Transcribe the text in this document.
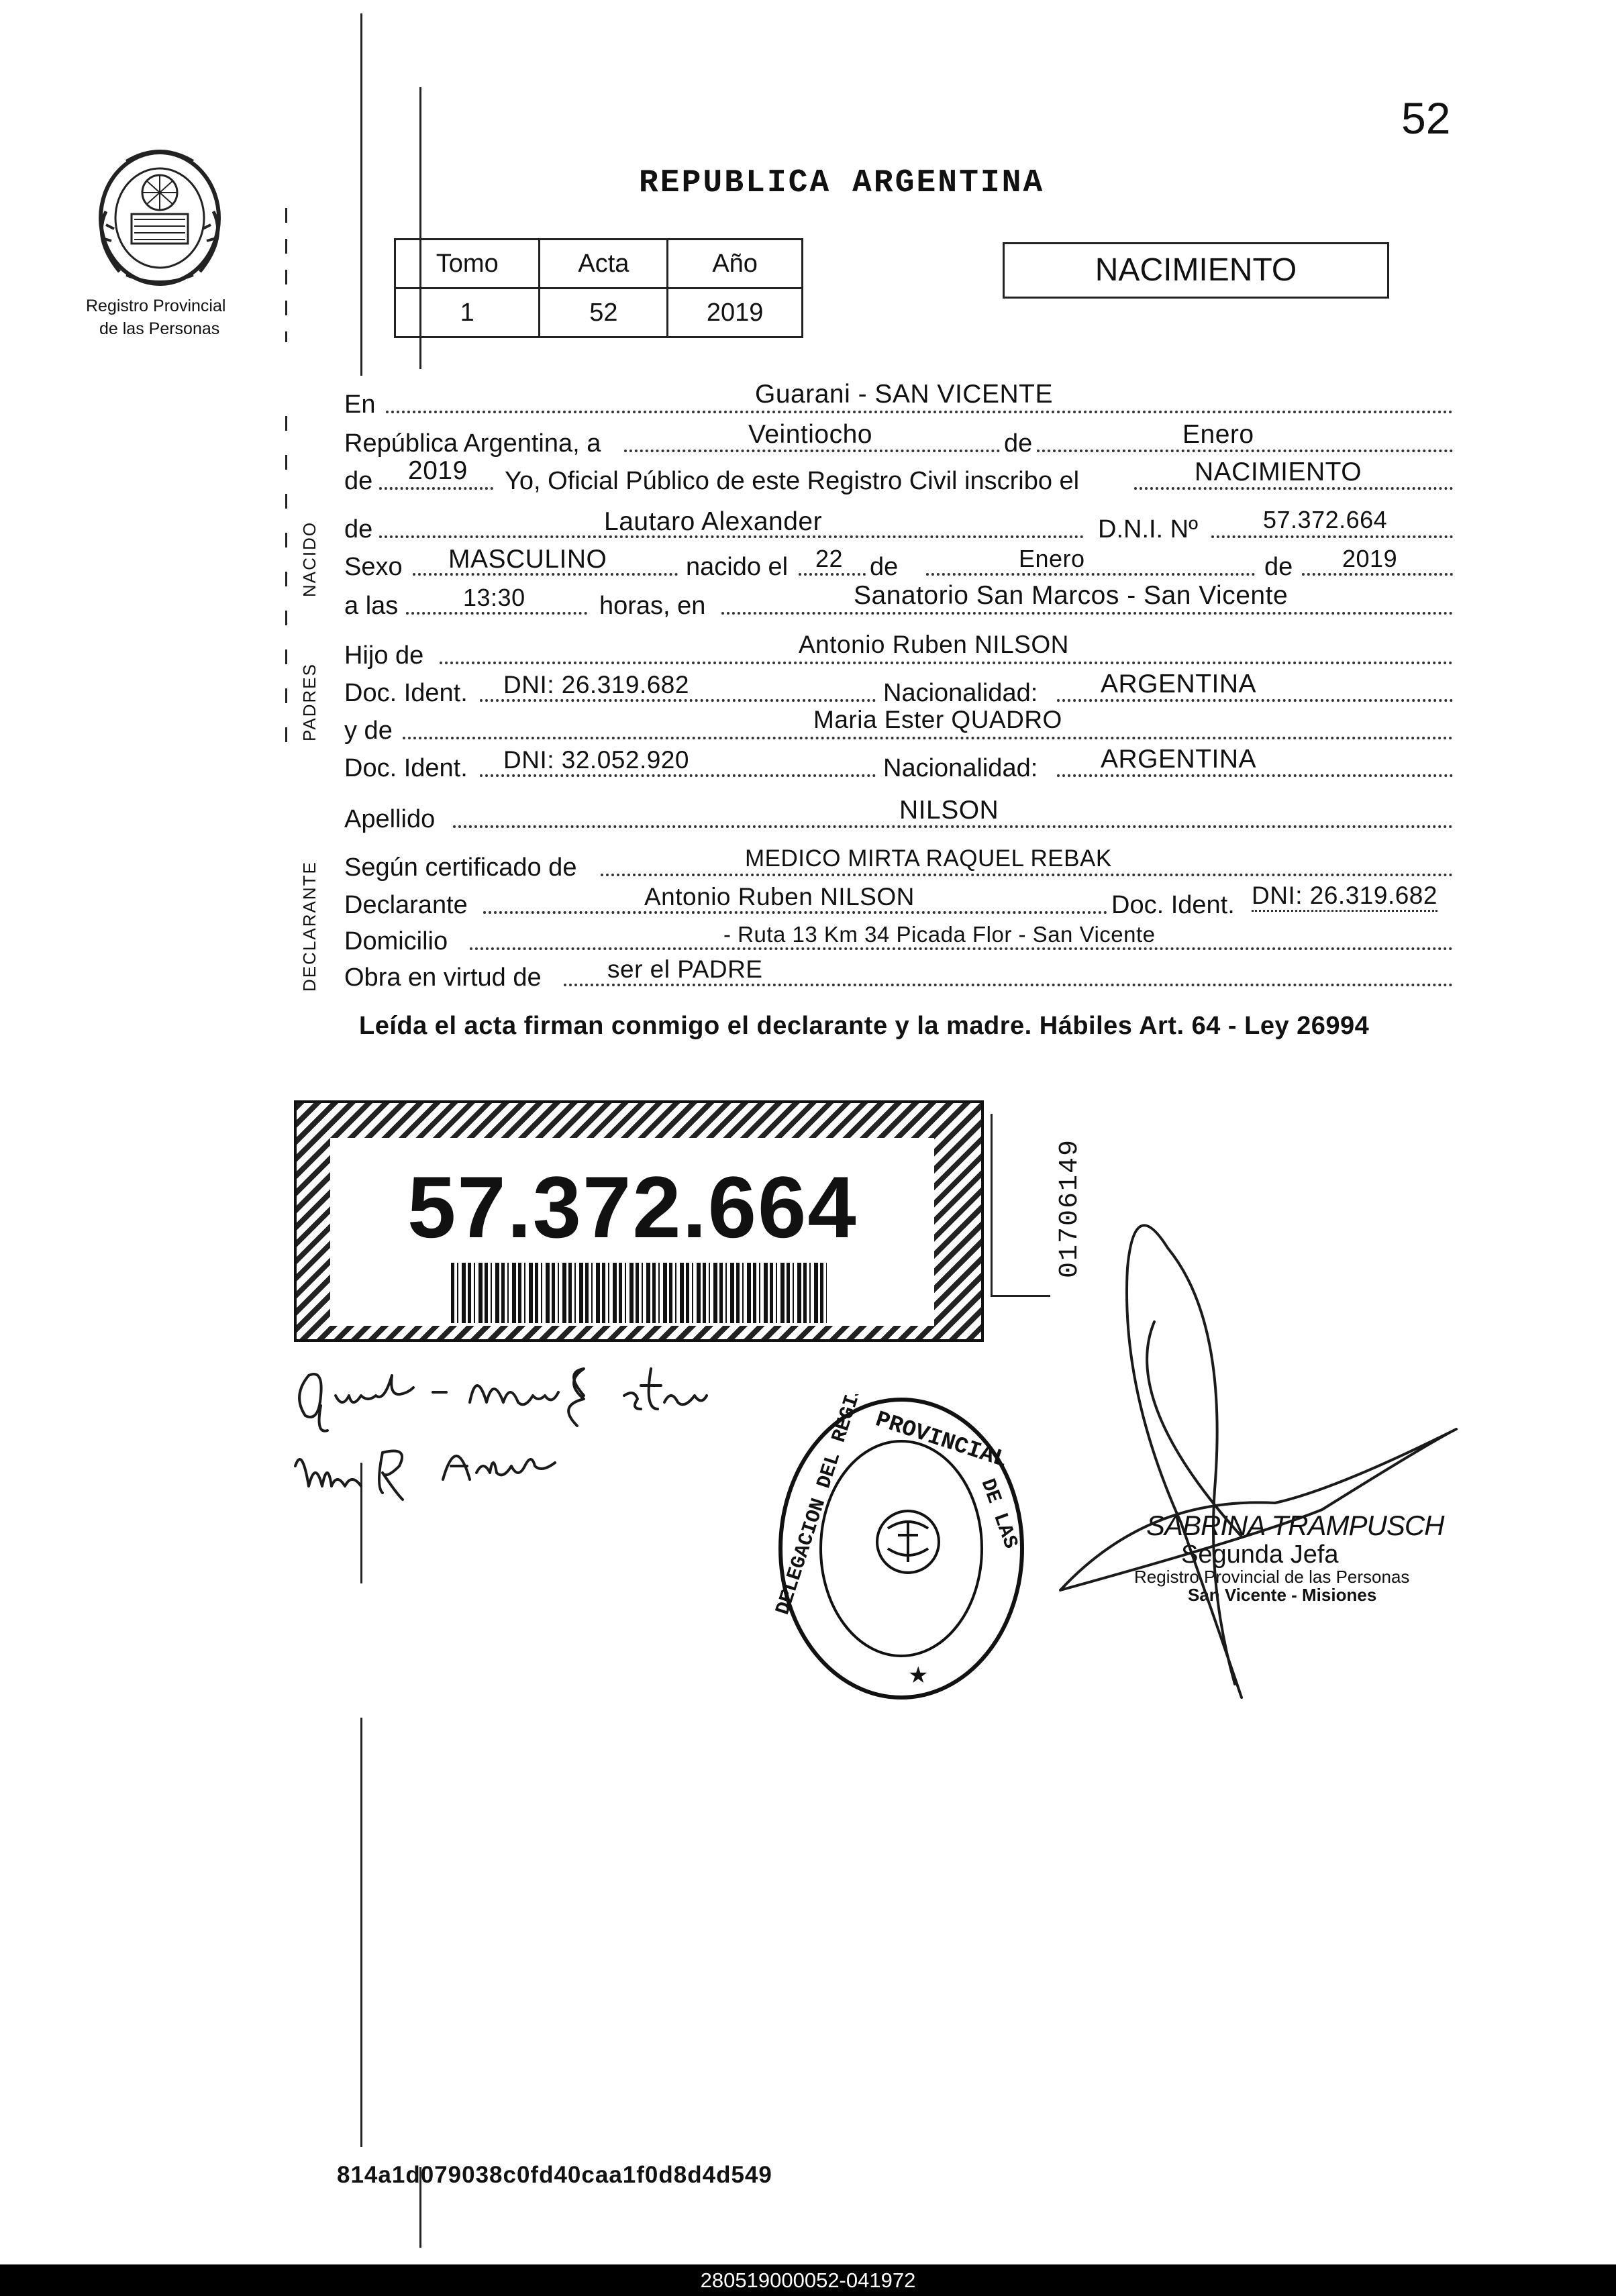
52
Registro Provincial
de las Personas
REPUBLICA ARGENTINA
Tomo	Acta	Año
1	52	2019
NACIMIENTO
NACIDO
PADRES
DECLARANTE
En	Guarani - SAN VICENTE
República Argentina, a	Veintiocho	de	Enero
de 2019 Yo, Oficial Público de este Registro Civil inscribo el	NACIMIENTO
de	Lautaro Alexander	D.N.I. Nº	57.372.664
Sexo MASCULINO	nacido el 22 de	Enero	de 2019
a las	13:30	horas, en	Sanatorio San Marcos - San Vicente
Hijo de	Antonio Ruben NILSON
Doc. Ident. DNI: 26.319.682	Nacionalidad: ARGENTINA
y de	Maria Ester QUADRO
Doc. Ident. DNI: 32.052.920	Nacionalidad: ARGENTINA
Apellido	NILSON
Según certificado de	MEDICO MIRTA RAQUEL REBAK
Declarante	Antonio Ruben NILSON	Doc. Ident. DNI: 26.319.682
Domicilio	- Ruta 13 Km 34 Picada Flor - San Vicente
Obra en virtud de	ser el PADRE
Leída el acta firman conmigo el declarante y la madre. Hábiles Art. 64 - Ley 26994
57.372.664	01706149
PROVINCIAL
DELEGACION DEL REGISTRO	DE LAS
★
SABRINA TRAMPUSCH
Segunda Jefa
Registro Provincial de las Personas
San Vicente - Misiones
814a1d079038c0fd40caa1f0d8d4d549
280519000052-041972
